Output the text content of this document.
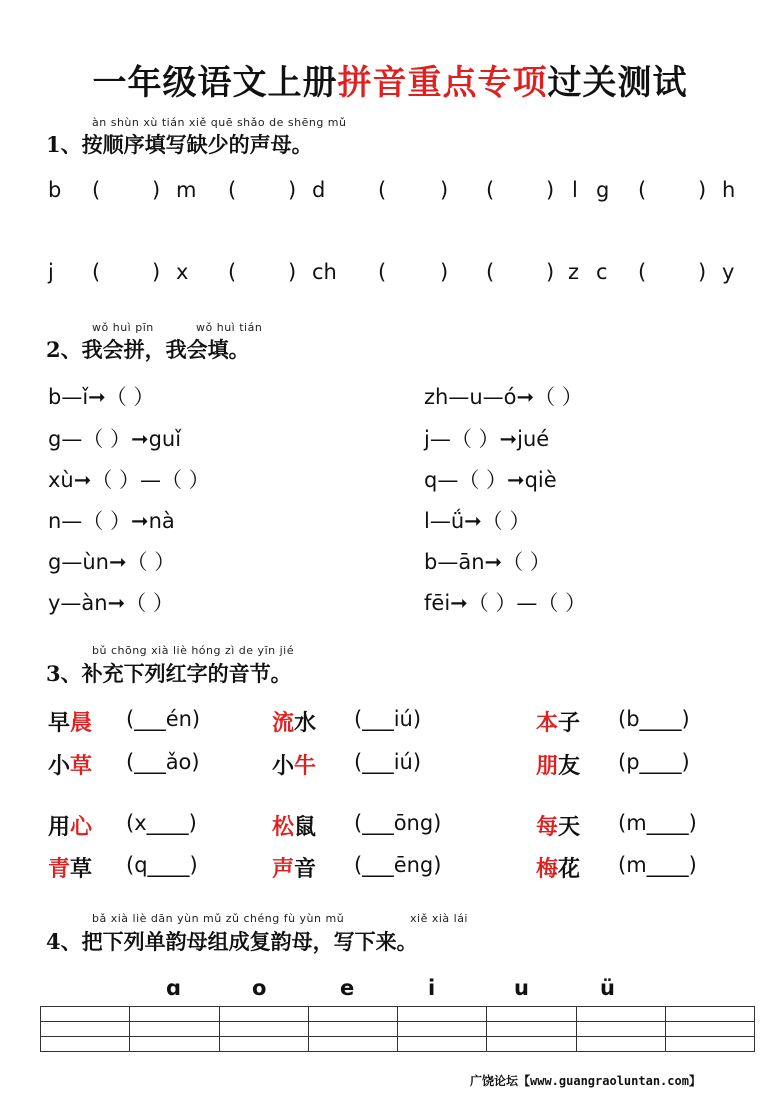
一年级语文上册拼音重点专项过关测试
àn shùn xù tián xiě quē shǎo de shēng mǔ
1、按顺序填写缺少的声母。
b ( ) m ( ) d	(	) ( ) l g ( ) h
j ( ) x ( ) ch (	) ( ) z c ( ) y
wǒ huì pīn	wǒ huì tián
2、我会拼，我会填。
b—ǐ➞（ ）
g—（ ）➞guǐ
xù➞（ ）—（ ）
n—（ ）➞nà
g—ùn➞（ ）
y—àn➞（ ）
zh—u—ó➞（ ）
j—（ ）➞jué
q—（ ）➞qiè
l—ǘ➞（ ）
b—ān➞（ ）
fēi➞（ ）—（ ）
bǔ chōng xià liè hóng zì de yīn jié
3、补充下列红字的音节。
早晨 (___én)	流水 (___iú)	本子 (b____)
小草 (___ǎo)	小牛 (___iú)	朋友 (p____)
用心 (x____)	松鼠 (___ōng)	每天 (m____)
青草 (q____)	声音 (___ēng)	梅花 (m____)
bǎ xià liè dān yùn mǔ zǔ chéng fù yùn mǔ	xiě xià lái
4、把下列单韵母组成复韵母，写下来。
ɑ	o	e	i	u	ü

广饶论坛【www.guangraoluntan.com】
